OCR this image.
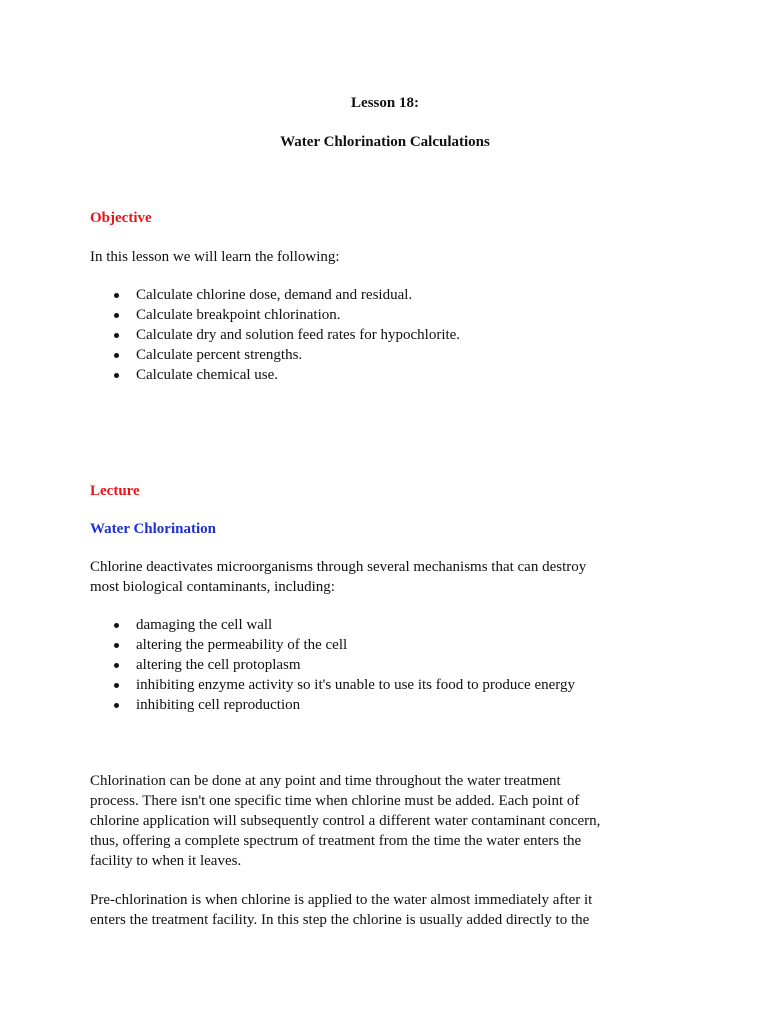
Lesson 18:
Water Chlorination Calculations
Objective
In this lesson we will learn the following:
Calculate chlorine dose, demand and residual.
Calculate breakpoint chlorination.
Calculate dry and solution feed rates for hypochlorite.
Calculate percent strengths.
Calculate chemical use.
Lecture
Water Chlorination
Chlorine deactivates microorganisms through several mechanisms that can destroy
most biological contaminants, including:
damaging the cell wall
altering the permeability of the cell
altering the cell protoplasm
inhibiting enzyme activity so it's unable to use its food to produce energy
inhibiting cell reproduction
Chlorination can be done at any point and time throughout the water treatment
process. There isn't one specific time when chlorine must be added. Each point of
chlorine application will subsequently control a different water contaminant concern,
thus, offering a complete spectrum of treatment from the time the water enters the
facility to when it leaves.
Pre-chlorination is when chlorine is applied to the water almost immediately after it
enters the treatment facility. In this step the chlorine is usually added directly to the
